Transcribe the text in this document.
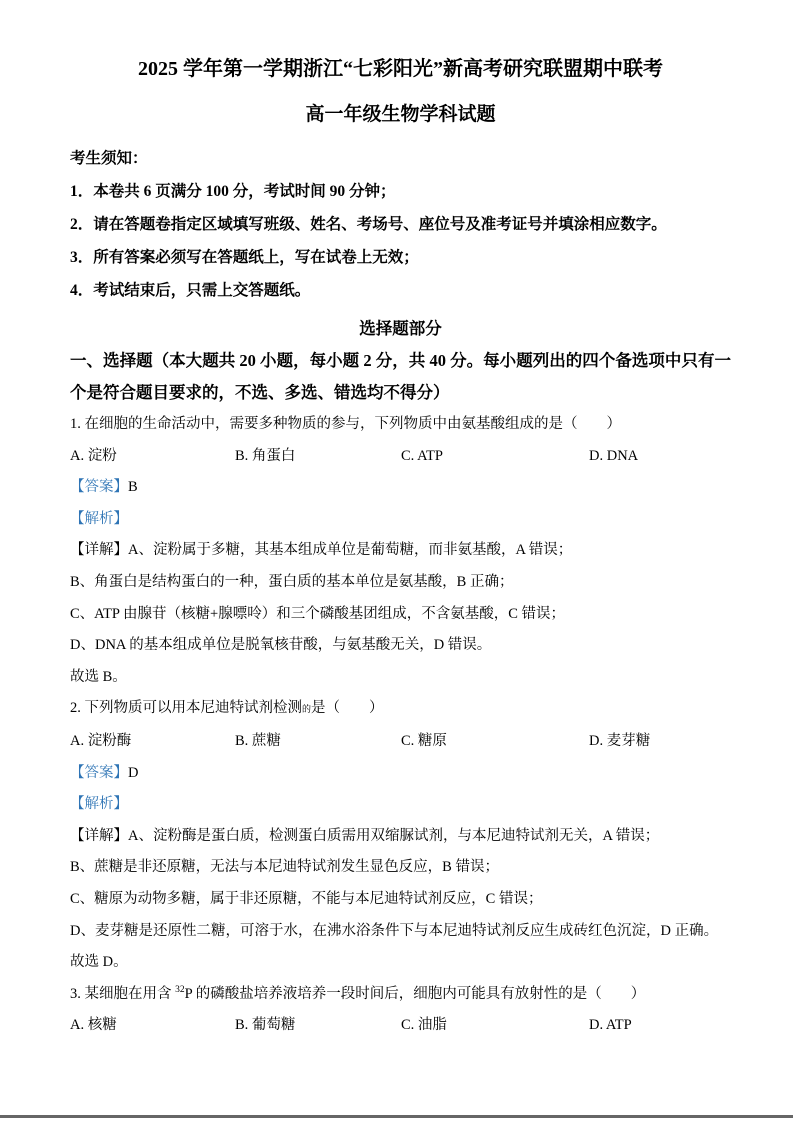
2025 学年第一学期浙江“七彩阳光”新高考研究联盟期中联考
高一年级生物学科试题
考生须知：
1．本卷共 6 页满分 100 分，考试时间 90 分钟；
2．请在答题卷指定区域填写班级、姓名、考场号、座位号及准考证号并填涂相应数字。
3．所有答案必须写在答题纸上，写在试卷上无效；
4．考试结束后，只需上交答题纸。
选择题部分
一、选择题（本大题共 20 小题，每小题 2 分，共 40 分。每小题列出的四个备选项中只有一个是符合题目要求的，不选、多选、错选均不得分）
1. 在细胞的生命活动中，需要多种物质的参与，下列物质中由氨基酸组成的是（　　）
A. 淀粉	B. 角蛋白	C. ATP	D. DNA
【答案】B
【解析】
【详解】A、淀粉属于多糖，其基本组成单位是葡萄糖，而非氨基酸，A 错误；
B、角蛋白是结构蛋白的一种，蛋白质的基本单位是氨基酸，B 正确；
C、ATP 由腺苷（核糖+腺嘌呤）和三个磷酸基团组成，不含氨基酸，C 错误；
D、DNA 的基本组成单位是脱氧核苷酸，与氨基酸无关，D 错误。
故选 B。
2. 下列物质可以用本尼迪特试剂检测的是（　　）
A. 淀粉酶	B. 蔗糖	C. 糖原	D. 麦芽糖
【答案】D
【解析】
【详解】A、淀粉酶是蛋白质，检测蛋白质需用双缩脲试剂，与本尼迪特试剂无关，A 错误；
B、蔗糖是非还原糖，无法与本尼迪特试剂发生显色反应，B 错误；
C、糖原为动物多糖，属于非还原糖，不能与本尼迪特试剂反应，C 错误；
D、麦芽糖是还原性二糖，可溶于水，在沸水浴条件下与本尼迪特试剂反应生成砖红色沉淀，D 正确。
故选 D。
3. 某细胞在用含 $^{32}$P 的磷酸盐培养液培养一段时间后，细胞内可能具有放射性的是（　　）
A. 核糖	B. 葡萄糖	C. 油脂	D. ATP
